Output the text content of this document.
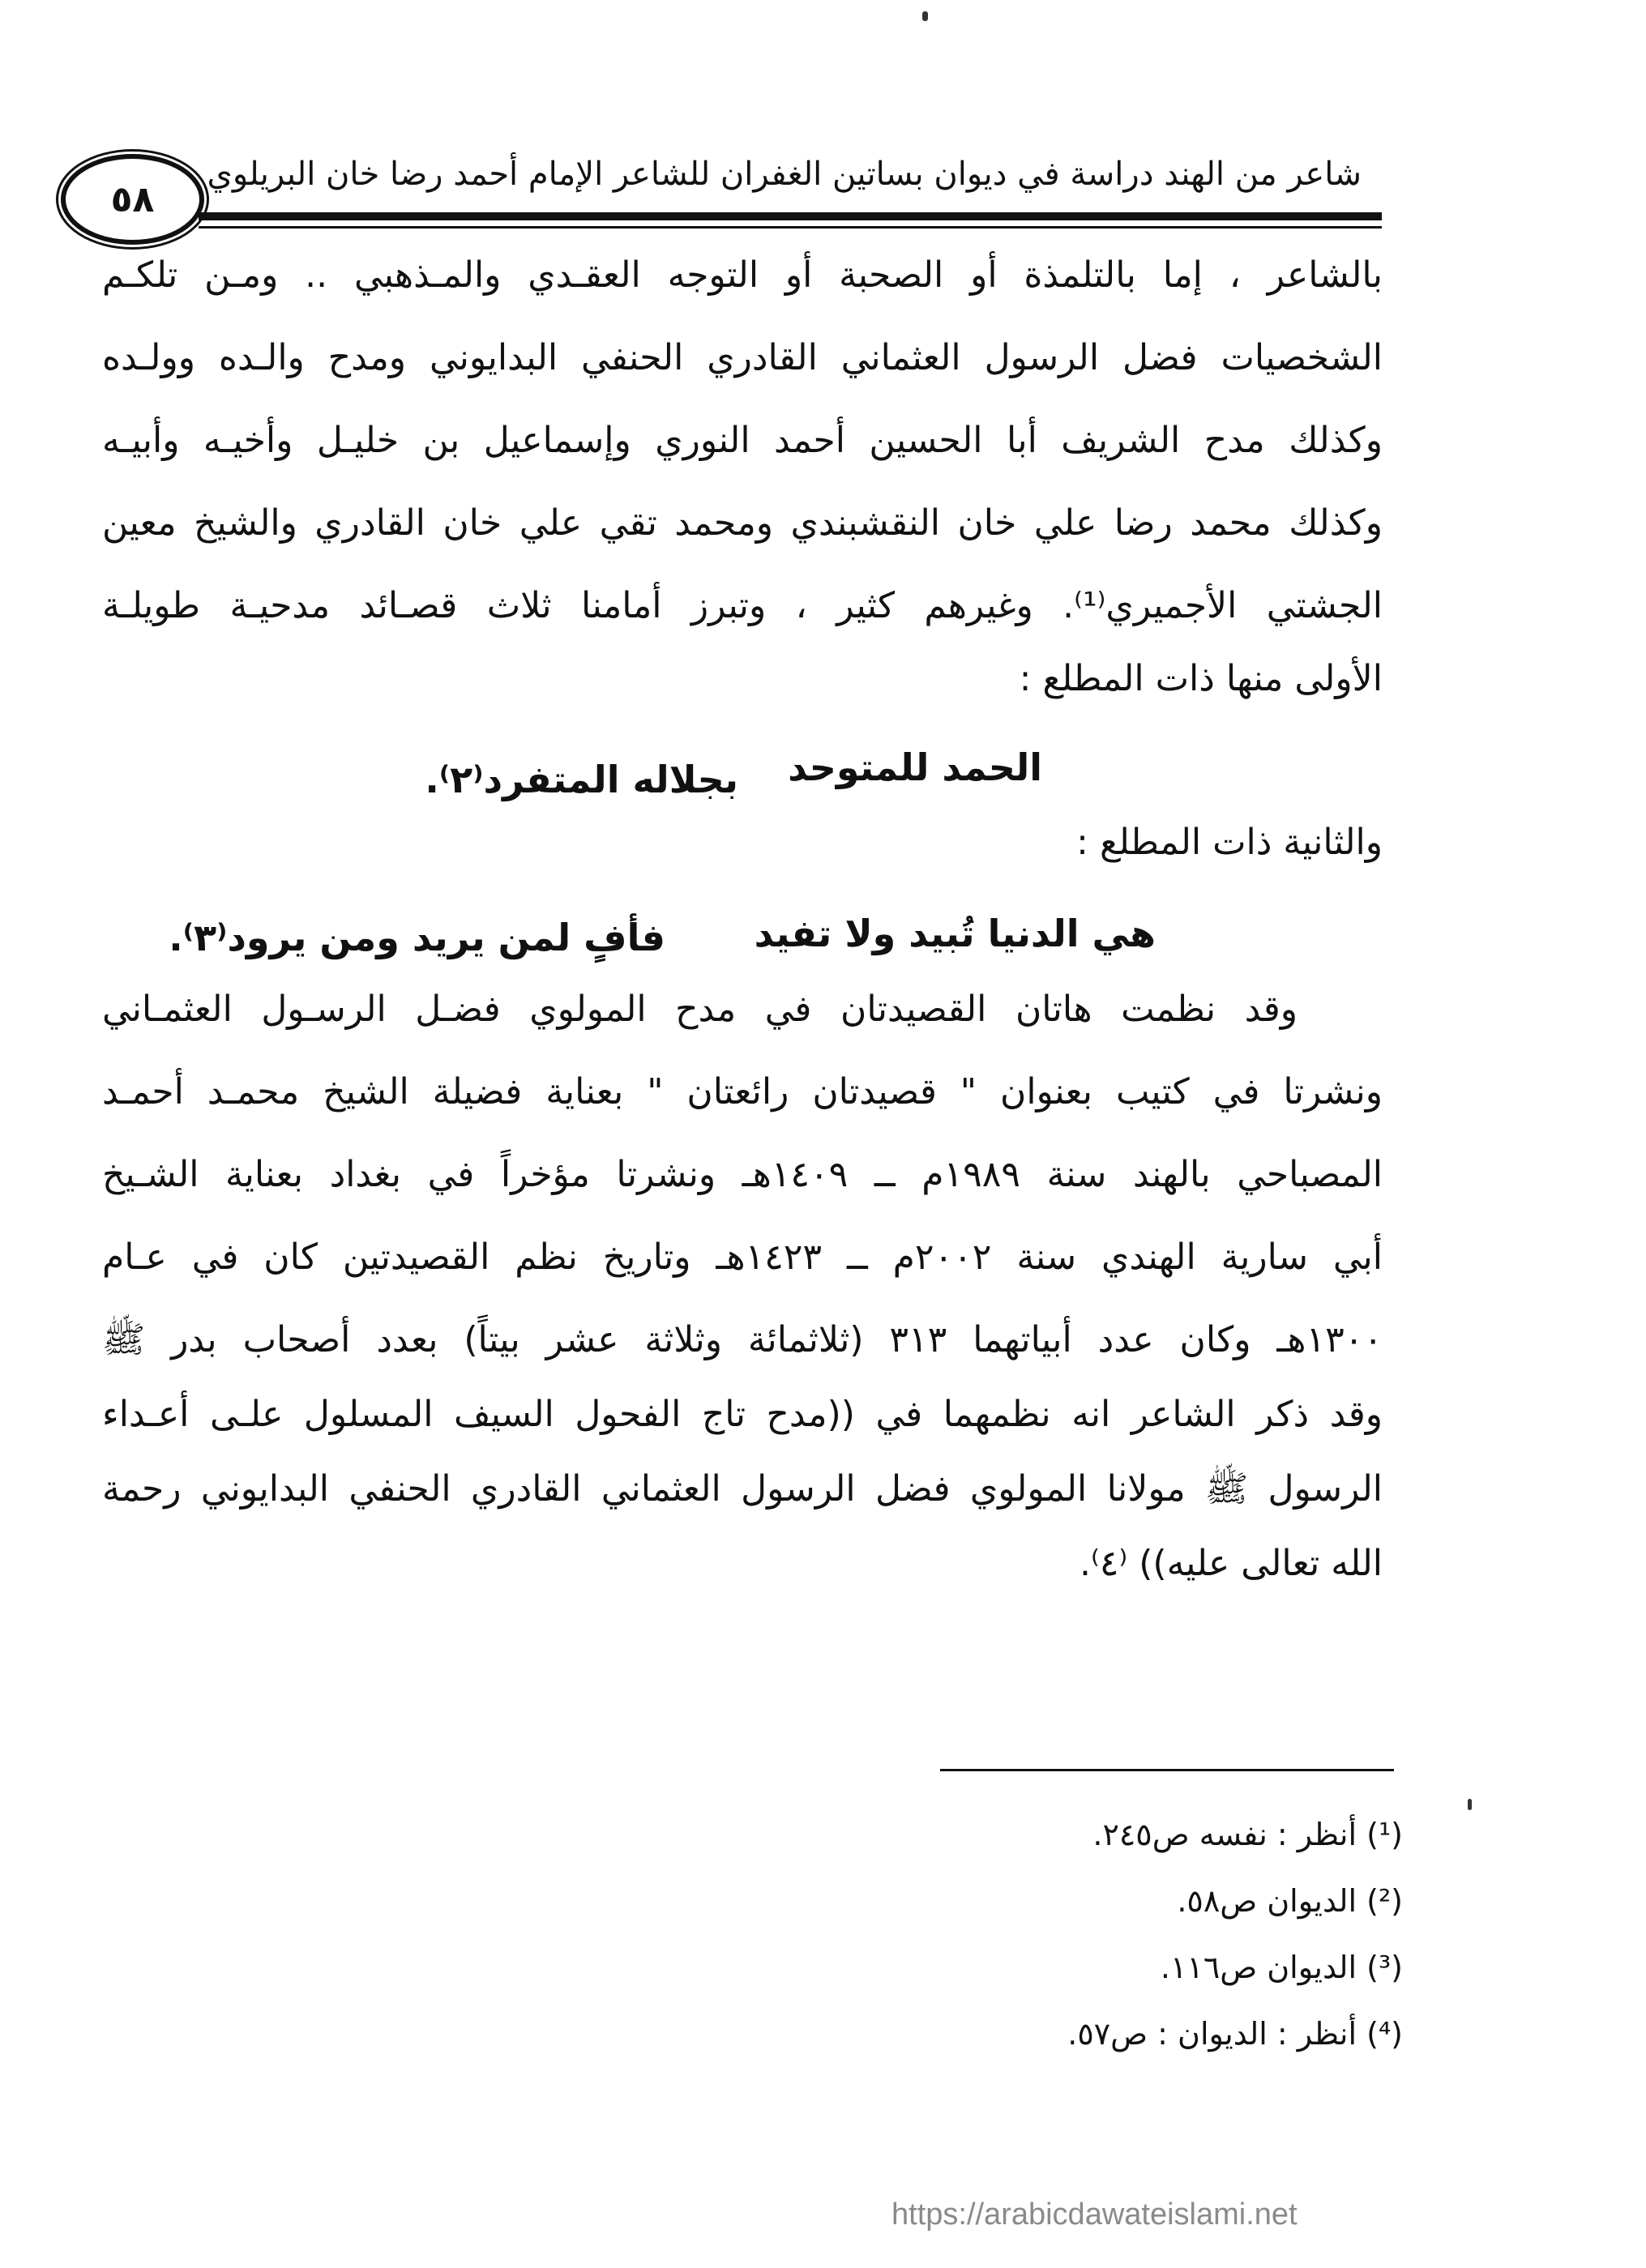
شاعر من الهند دراسة في ديوان بساتين الغفران للشاعر الإمام أحمد رضا خان البريلوي
٥٨
بالشاعر ، إما بالتلمذة أو الصحبة أو التوجه العقـدي والمـذهبي .. ومـن تلكـم
الشخصيات فضل الرسول العثماني القادري الحنفي البدايوني ومدح والـده وولـده
وكذلك مدح الشريف أبا الحسين أحمد النوري وإسماعيل بن خليـل وأخيـه وأبيـه
وكذلك محمد رضا علي خان النقشبندي ومحمد تقي علي خان القادري والشيخ معين
الجشتي الأجميري⁽¹⁾. وغيرهم كثير ، وتبرز أمامنا ثلاث قصـائد مدحيـة طويلـة
الأولى منها ذات المطلع :
الحمد للمتوحد
بجلاله المتفرد⁽٢⁾.
والثانية ذات المطلع :
هي الدنيا تُبيد ولا تفيد
فأفٍ لمن يريد ومن يرود⁽٣⁾.
وقد نظمت هاتان القصيدتان في مدح المولوي فضـل الرسـول العثمـاني
ونشرتا في كتيب بعنوان " قصيدتان رائعتان " بعناية فضيلة الشيخ محمـد أحمـد
المصباحي بالهند سنة ١٩٨٩م ــ ١٤٠٩هـ ونشرتا مؤخراً في بغداد بعناية الشـيخ
أبي سارية الهندي سنة ٢٠٠٢م ــ ١٤٢٣هـ وتاريخ نظم القصيدتين كان في عـام
١٣٠٠هـ وكان عدد أبياتهما ٣١٣ (ثلاثمائة وثلاثة عشر بيتاً) بعدد أصحاب بدر ﷺ
وقد ذكر الشاعر انه نظمهما في ((مدح تاج الفحول السيف المسلول علـى أعـداء
الرسول ﷺ مولانا المولوي فضل الرسول العثماني القادري الحنفي البدايوني رحمة
الله تعالى عليه)) ⁽٤⁾.
(¹) أنظر : نفسه ص٢٤٥.
(²) الديوان ص٥٨.
(³) الديوان ص١١٦.
(⁴) أنظر : الديوان : ص٥٧.
https://arabicdawateislami.net
